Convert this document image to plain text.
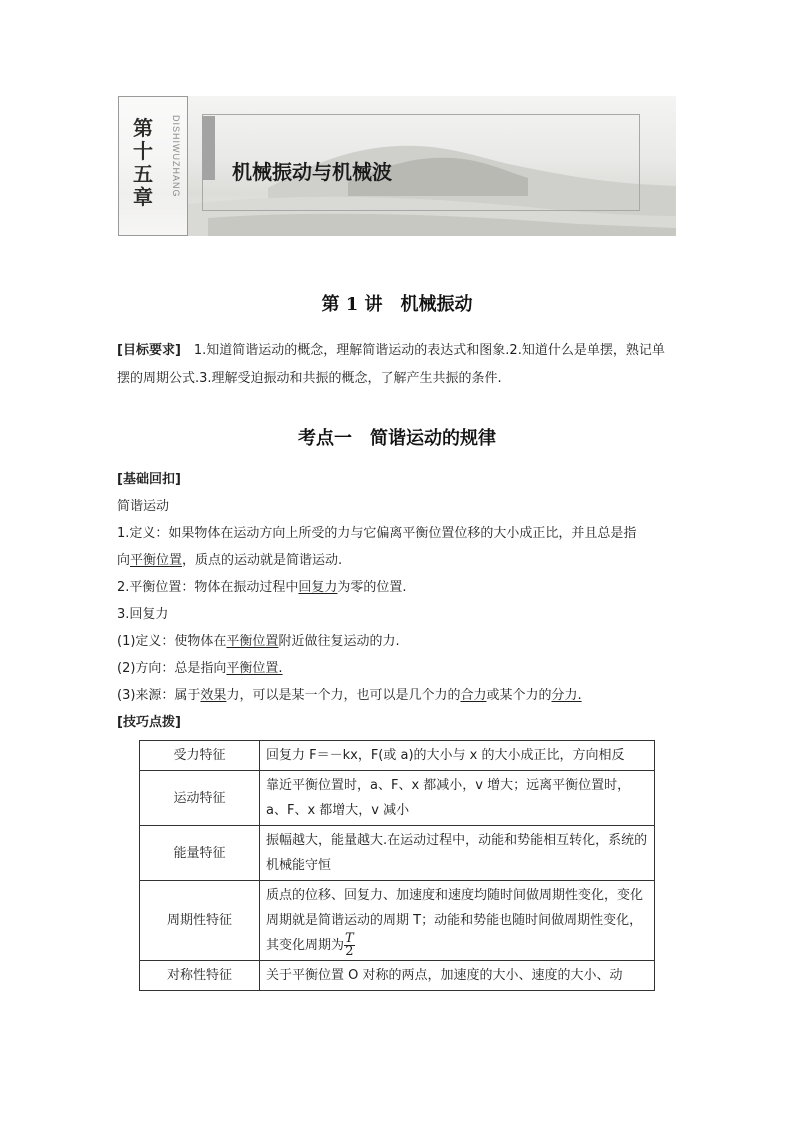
第十五章 DISHIWUZHANG	机械振动与机械波
第 1 讲　机械振动
[目标要求]　1.知道简谐运动的概念，理解简谐运动的表达式和图象.2.知道什么是单摆，熟记单摆的周期公式.3.理解受迫振动和共振的概念，了解产生共振的条件.
考点一　简谐运动的规律
[基础回扣]
简谐运动
1.定义：如果物体在运动方向上所受的力与它偏离平衡位置位移的大小成正比，并且总是指
向平衡位置，质点的运动就是简谐运动.
2.平衡位置：物体在振动过程中回复力为零的位置.
3.回复力
(1)定义：使物体在平衡位置附近做往复运动的力.
(2)方向：总是指向平衡位置.
(3)来源：属于效果力，可以是某一个力，也可以是几个力的合力或某个力的分力.
[技巧点拨]
受力特征	回复力 F＝－kx，F(或 a)的大小与 x 的大小成正比，方向相反
运动特征	靠近平衡位置时，a、F、x 都减小，v 增大；远离平衡位置时，a、F、x 都增大，v 减小
能量特征	振幅越大，能量越大.在运动过程中，动能和势能相互转化，系统的机械能守恒
周期性特征	质点的位移、回复力、加速度和速度均随时间做周期性变化，变化周期就是简谐运动的周期 T；动能和势能也随时间做周期性变化，其变化周期为 $\frac{T}{2}$

对称性特征	关于平衡位置 O 对称的两点，加速度的大小、速度的大小、动
